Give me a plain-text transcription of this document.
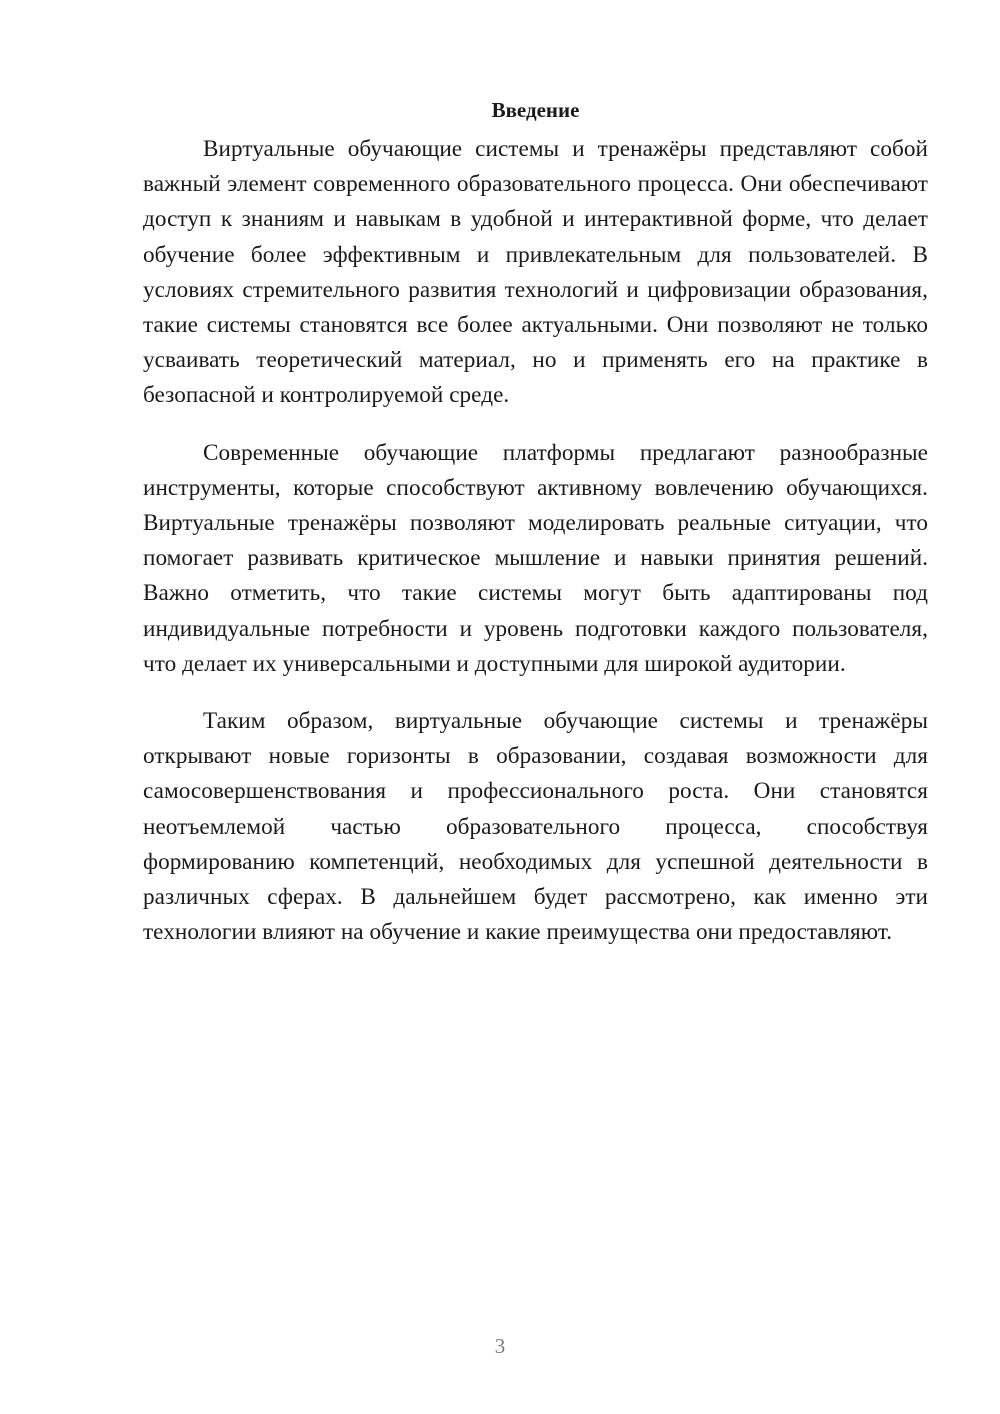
Введение

Виртуальные обучающие системы и тренажёры представляют собой важный элемент современного образовательного процесса. Они обеспечивают доступ к знаниям и навыкам в удобной и интерактивной форме, что делает обучение более эффективным и привлекательным для пользователей. В условиях стремительного развития технологий и цифровизации образования, такие системы становятся все более актуальными. Они позволяют не только усваивать теоретический материал, но и применять его на практике в безопасной и контролируемой среде.

Современные обучающие платформы предлагают разнообразные инструменты, которые способствуют активному вовлечению обучающихся. Виртуальные тренажёры позволяют моделировать реальные ситуации, что помогает развивать критическое мышление и навыки принятия решений. Важно отметить, что такие системы могут быть адаптированы под индивидуальные потребности и уровень подготовки каждого пользователя, что делает их универсальными и доступными для широкой аудитории.

Таким образом, виртуальные обучающие системы и тренажёры открывают новые горизонты в образовании, создавая возможности для самосовершенствования и профессионального роста. Они становятся неотъемлемой частью образовательного процесса, способствуя формированию компетенций, необходимых для успешной деятельности в различных сферах. В дальнейшем будет рассмотрено, как именно эти технологии влияют на обучение и какие преимущества они предоставляют.

3
